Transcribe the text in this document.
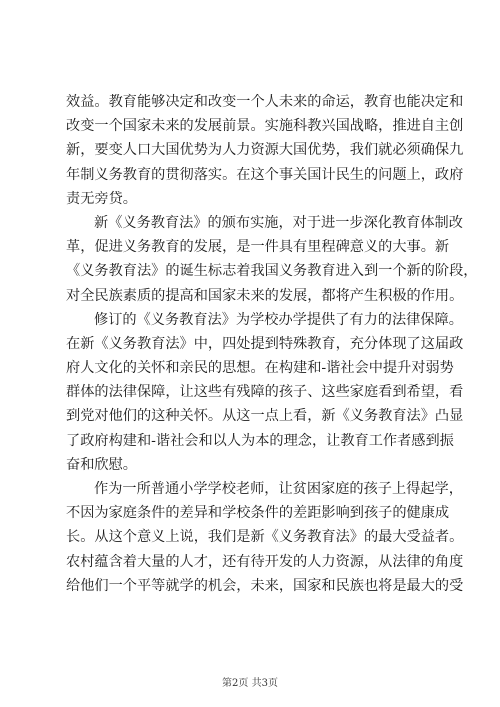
效益。教育能够决定和改变一个人未来的命运，教育也能决定和
改变一个国家未来的发展前景。实施科教兴国战略，推进自主创
新，要变人口大国优势为人力资源大国优势，我们就必须确保九
年制义务教育的贯彻落实。在这个事关国计民生的问题上，政府
责无旁贷。
新《义务教育法》的颁布实施，对于进一步深化教育体制改
革，促进义务教育的发展，是一件具有里程碑意义的大事。新
《义务教育法》的诞生标志着我国义务教育进入到一个新的阶段，
对全民族素质的提高和国家未来的发展，都将产生积极的作用。
修订的《义务教育法》为学校办学提供了有力的法律保障。
在新《义务教育法》中，四处提到特殊教育，充分体现了这届政
府人文化的关怀和亲民的思想。在构建和-谐社会中提升对弱势
群体的法律保障，让这些有残障的孩子、这些家庭看到希望，看
到党对他们的这种关怀。从这一点上看，新《义务教育法》凸显
了政府构建和-谐社会和以人为本的理念，让教育工作者感到振
奋和欣慰。
作为一所普通小学学校老师，让贫困家庭的孩子上得起学，
不因为家庭条件的差异和学校条件的差距影响到孩子的健康成
长。从这个意义上说，我们是新《义务教育法》的最大受益者。
农村蕴含着大量的人才，还有待开发的人力资源，从法律的角度
给他们一个平等就学的机会，未来，国家和民族也将是最大的受
第2页 共3页
